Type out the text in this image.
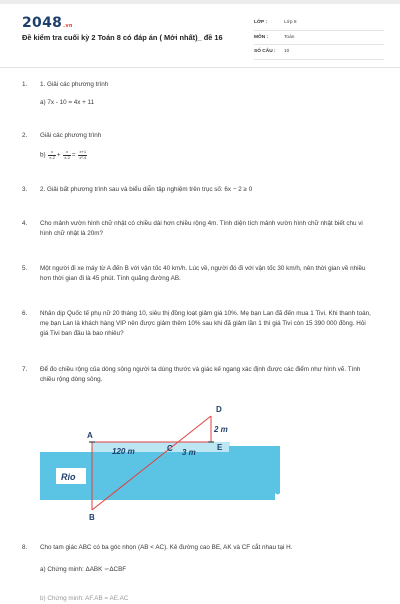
2048.vn
Đề kiểm tra cuối kỳ 2 Toán 8 có đáp án ( Mới nhất)_ đề 16
LỚP :	Lớp 8
MÔN :	Toán
SỐ CÂU :	10
1. 1. Giải các phương trình
a) 7x - 10 = 4x + 11
2. Giải các phương trình
$b) \frac{x}{x-2} + \frac{x}{x-2} = \frac{x+1}{\text{x²-4}}$
3. 2. Giải bất phương trình sau và biểu diễn tập nghiệm trên trục số: 6x − 2 ≥ 0
4. Cho mảnh vườn hình chữ nhật có chiều dài hơn chiều rộng 4m. Tính diện tích mảnh vườn hình chữ nhật biết chu vi hình chữ nhật là 20m?
5. Một người đi xe máy từ A đến B với vận tốc 40 km/h. Lúc về, người đó đi với vận tốc 30 km/h, nên thời gian về nhiều hơn thời gian đi là 45 phút. Tính quãng đường AB.
6. Nhân dịp Quốc tế phụ nữ 20 tháng 10, siêu thị đồng loạt giảm giá 10%. Mẹ bạn Lan đã đến mua 1 Tivi. Khi thanh toán, mẹ bạn Lan là khách hàng VIP nên được giảm thêm 10% sau khi đã giảm lần 1 thì giá Tivi còn 15 390 000 đồng. Hỏi giá Tivi ban đầu là bao nhiêu?
7. Để đo chiều rộng của dòng sông người ta dùng thước và giác kế ngang xác định được các điểm như hình vẽ. Tính chiều rộng dòng sông.
Rio
A
B
C
D
E
120 m	3 m
2 m
8. Cho tam giác ABC có ba góc nhọn (AB < AC). Kẻ đường cao BE, AK và CF cắt nhau tại H.
a) Chứng minh: ΔABK ∽ΔCBF
b) Chứng minh: AF.AB = AE.AC
